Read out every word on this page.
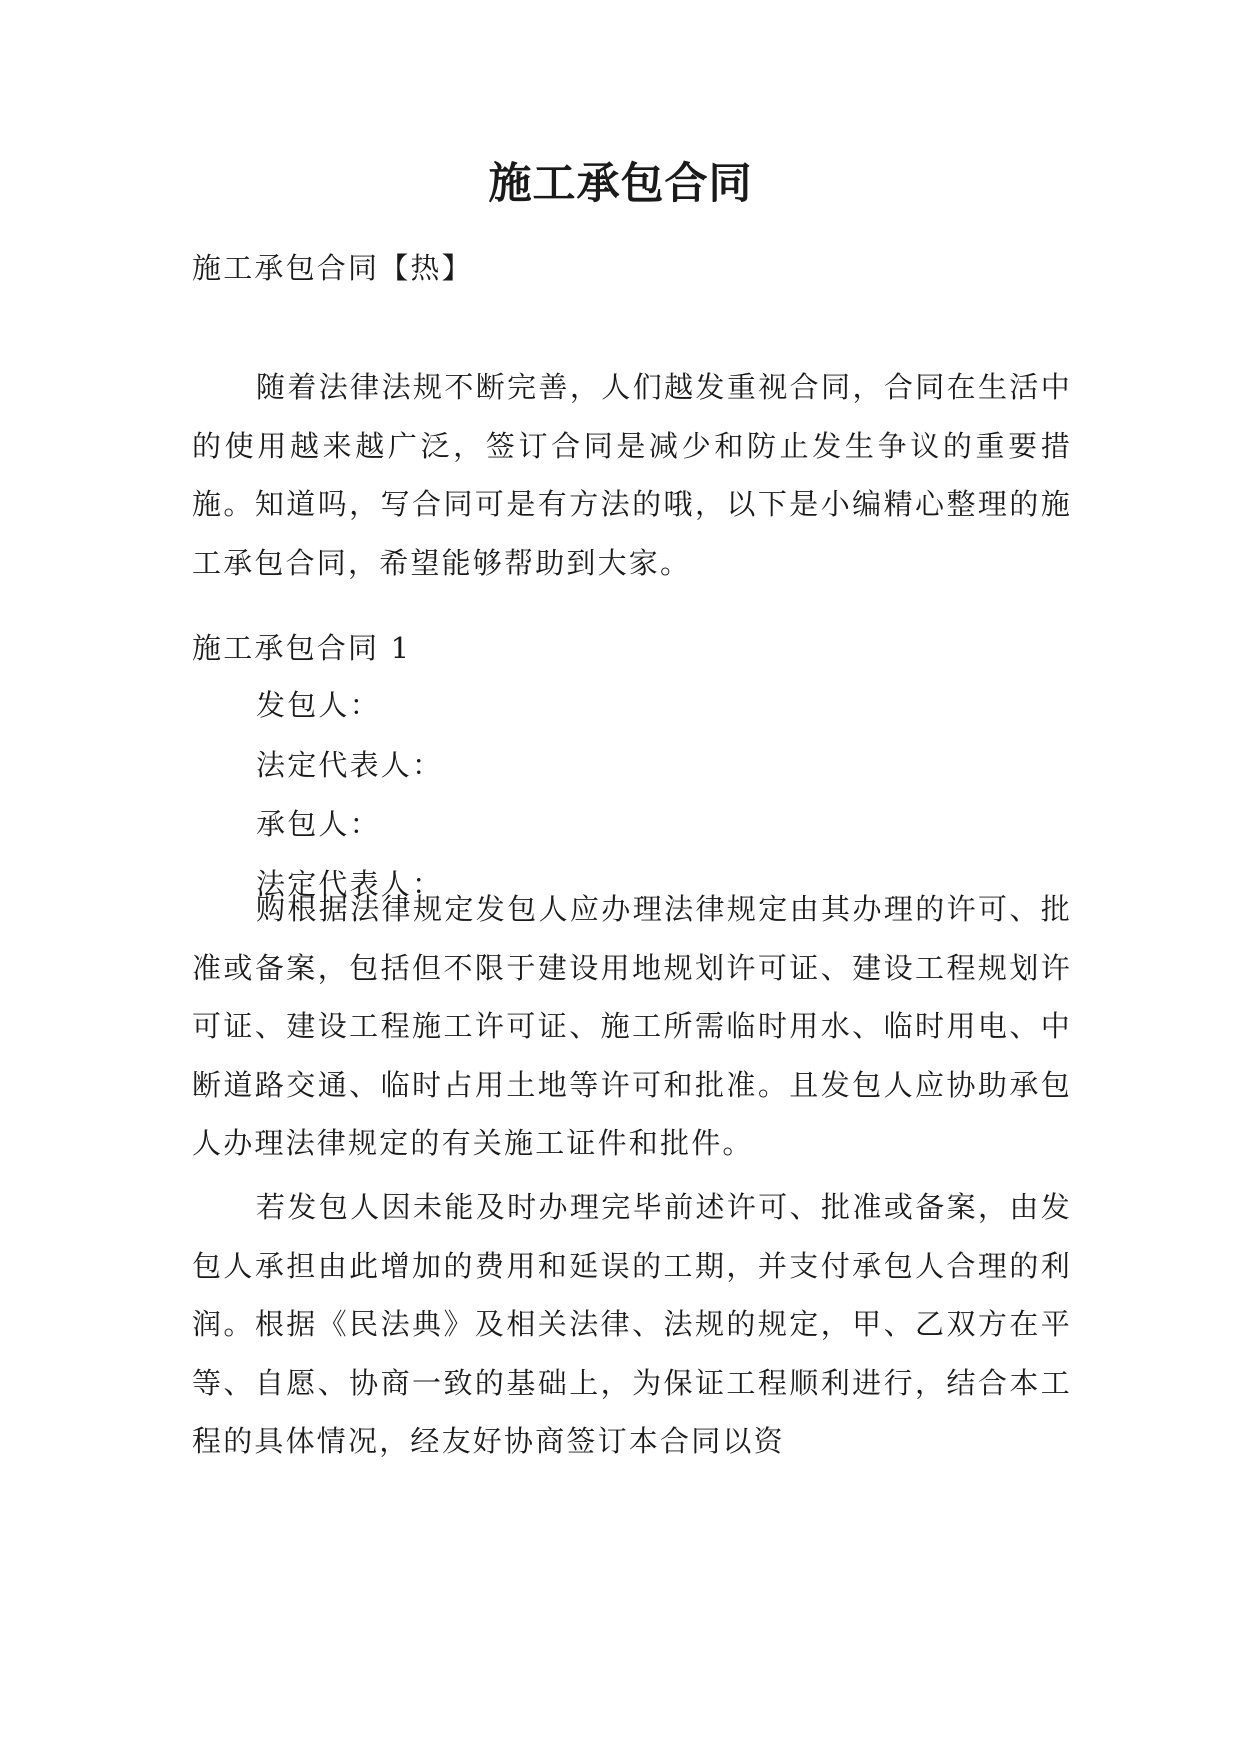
施工承包合同

施工承包合同【热】

随着法律法规不断完善，人们越发重视合同，合同在生活中的使用越来越广泛，签订合同是减少和防止发生争议的重要措施。知道吗，写合同可是有方法的哦，以下是小编精心整理的施工承包合同，希望能够帮助到大家。

施工承包合同 1

发包人：

法定代表人：

承包人：

法定代表人：

购根据法律规定发包人应办理法律规定由其办理的许可、批准或备案，包括但不限于建设用地规划许可证、建设工程规划许可证、建设工程施工许可证、施工所需临时用水、临时用电、中断道路交通、临时占用土地等许可和批准。且发包人应协助承包人办理法律规定的有关施工证件和批件。

若发包人因未能及时办理完毕前述许可、批准或备案，由发包人承担由此增加的费用和延误的工期，并支付承包人合理的利润。根据《民法典》及相关法律、法规的规定，甲、乙双方在平等、自愿、协商一致的基础上，为保证工程顺利进行，结合本工程的具体情况，经友好协商签订本合同以资
